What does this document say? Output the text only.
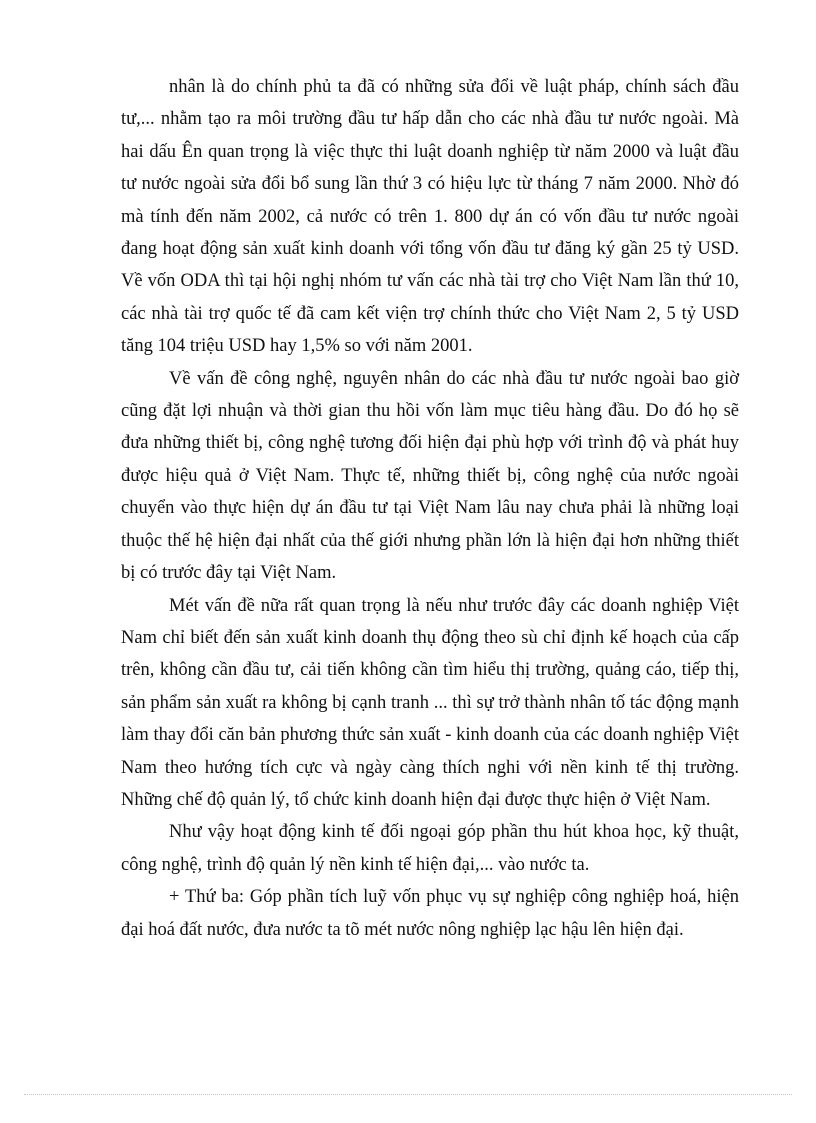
nhân là do chính phủ ta đã có những sửa đổi về luật pháp, chính sách đầu tư,... nhằm tạo ra môi trường đầu tư hấp dẫn cho các nhà đầu tư nước ngoài. Mà hai dấu Ên quan trọng là việc thực thi luật doanh nghiệp từ năm 2000 và luật đầu tư nước ngoài sửa đổi bổ sung lần thứ 3 có hiệu lực từ tháng 7 năm 2000. Nhờ đó mà tính đến năm 2002, cả nước có trên 1. 800 dự án có vốn đầu tư nước ngoài đang hoạt động sản xuất kinh doanh với tổng vốn đầu tư đăng ký gần 25 tỷ USD. Về vốn ODA thì tại hội nghị nhóm tư vấn các nhà tài trợ cho Việt Nam lần thứ 10, các nhà tài trợ quốc tế đã cam kết viện trợ chính thức cho Việt Nam 2, 5 tỷ USD tăng 104 triệu USD hay 1,5% so với năm 2001.

Về vấn đề công nghệ, nguyên nhân do các nhà đầu tư nước ngoài bao giờ cũng đặt lợi nhuận và thời gian thu hồi vốn làm mục tiêu hàng đầu. Do đó họ sẽ đưa những thiết bị, công nghệ tương đối hiện đại phù hợp với trình độ và phát huy được hiệu quả ở Việt Nam. Thực tế, những thiết bị, công nghệ của nước ngoài chuyển vào thực hiện dự án đầu tư tại Việt Nam lâu nay chưa phải là những loại thuộc thế hệ hiện đại nhất của thế giới nhưng phần lớn là hiện đại hơn những thiết bị có trước đây tại Việt Nam.

Mét vấn đề nữa rất quan trọng là nếu như trước đây các doanh nghiệp Việt Nam chỉ biết đến sản xuất kinh doanh thụ động theo sù chỉ định kế hoạch của cấp trên, không cần đầu tư, cải tiến không cần tìm hiểu thị trường, quảng cáo, tiếp thị, sản phẩm sản xuất ra không bị cạnh tranh ... thì sự trở thành nhân tố tác động mạnh làm thay đổi căn bản phương thức sản xuất - kinh doanh của các doanh nghiệp Việt Nam theo hướng tích cực và ngày càng thích nghi với nền kinh tế thị trường. Những chế độ quản lý, tổ chức kinh doanh hiện đại được thực hiện ở Việt Nam.

Như vậy hoạt động kinh tế đối ngoại góp phần thu hút khoa học, kỹ thuật, công nghệ, trình độ quản lý nền kinh tế hiện đại,... vào nước ta.

+ Thứ ba: Góp phần tích luỹ vốn phục vụ sự nghiệp công nghiệp hoá, hiện đại hoá đất nước, đưa nước ta tõ mét nước nông nghiệp lạc hậu lên hiện đại.
